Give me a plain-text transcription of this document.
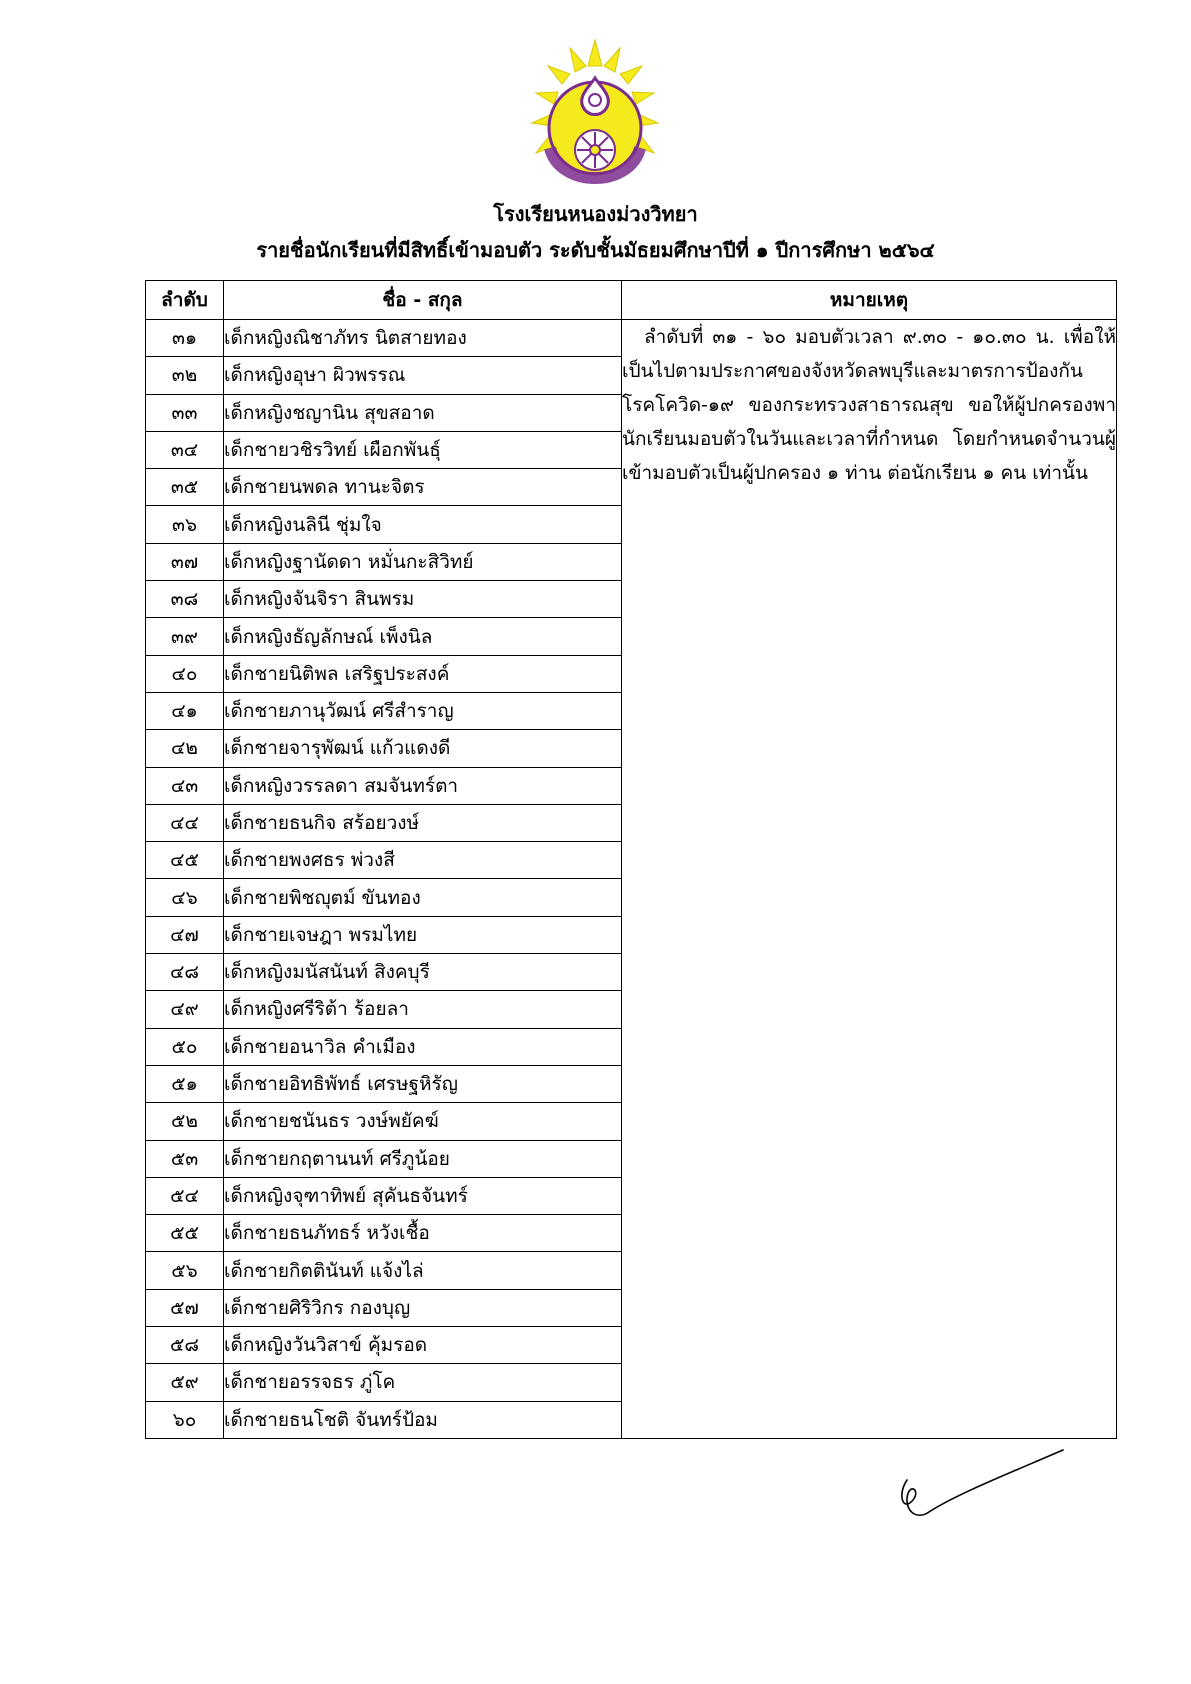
โรงเรียนหนองม่วงวิทยา
รายชื่อนักเรียนที่มีสิทธิ์เข้ามอบตัว ระดับชั้นมัธยมศึกษาปีที่ ๑ ปีการศึกษา ๒๕๖๔
ลำดับ	ชื่อ - สกุล	หมายเหตุ
๓๑	เด็กหญิงณิชาภัทร นิตสายทอง	ลำดับที่ ๓๑ - ๖๐ มอบตัวเวลา ๙.๓๐ - ๑๐.๓๐ น. เพื่อให้เป็นไปตามประกาศของจังหวัดลพบุรีและมาตรการป้องกันโรคโควิด-๑๙ ของกระทรวงสาธารณสุข ขอให้ผู้ปกครองพานักเรียนมอบตัวในวันและเวลาที่กำหนด โดยกำหนดจำนวนผู้เข้ามอบตัวเป็นผู้ปกครอง ๑ ท่าน ต่อนักเรียน ๑ คน เท่านั้น

๓๒	เด็กหญิงอุษา ผิวพรรณ	
๓๓	เด็กหญิงชญานิน สุขสอาด	
๓๔	เด็กชายวชิรวิทย์ เผือกพันธุ์	
๓๕	เด็กชายนพดล ทานะจิตร	
๓๖	เด็กหญิงนลินี ชุ่มใจ	
๓๗	เด็กหญิงฐานัดดา หมั่นกะสิวิทย์	
๓๘	เด็กหญิงจันจิรา สินพรม	
๓๙	เด็กหญิงธัญลักษณ์ เพ็งนิล	
๔๐	เด็กชายนิติพล เสริฐประสงค์	
๔๑	เด็กชายภานุวัฒน์ ศรีสำราญ	
๔๒	เด็กชายจารุพัฒน์ แก้วแดงดี	
๔๓	เด็กหญิงวรรลดา สมจันทร์ตา	
๔๔	เด็กชายธนกิจ สร้อยวงษ์	
๔๕	เด็กชายพงศธร พ่วงสี	
๔๖	เด็กชายพิชญุตม์ ขันทอง	
๔๗	เด็กชายเจษฎา พรมไทย	
๔๘	เด็กหญิงมนัสนันท์ สิงคบุรี	
๔๙	เด็กหญิงศรีริต้า ร้อยลา	
๕๐	เด็กชายอนาวิล คำเมือง	
๕๑	เด็กชายอิทธิพัทธ์ เศรษฐหิรัญ	
๕๒	เด็กชายชนันธร วงษ์พยัคฆ์	
๕๓	เด็กชายกฤตานนท์ ศรีภูน้อย	
๕๔	เด็กหญิงจุฑาทิพย์ สุคันธจันทร์	
๕๕	เด็กชายธนภัทธร์ หวังเชื้อ	
๕๖	เด็กชายกิตตินันท์ แจ้งไล่	
๕๗	เด็กชายศิริวิกร กองบุญ	
๕๘	เด็กหญิงวันวิสาข์ คุ้มรอด	
๕๙	เด็กชายอรรจธร ภู่โค	
๖๐	เด็กชายธนโชติ จันทร์ป้อม	
